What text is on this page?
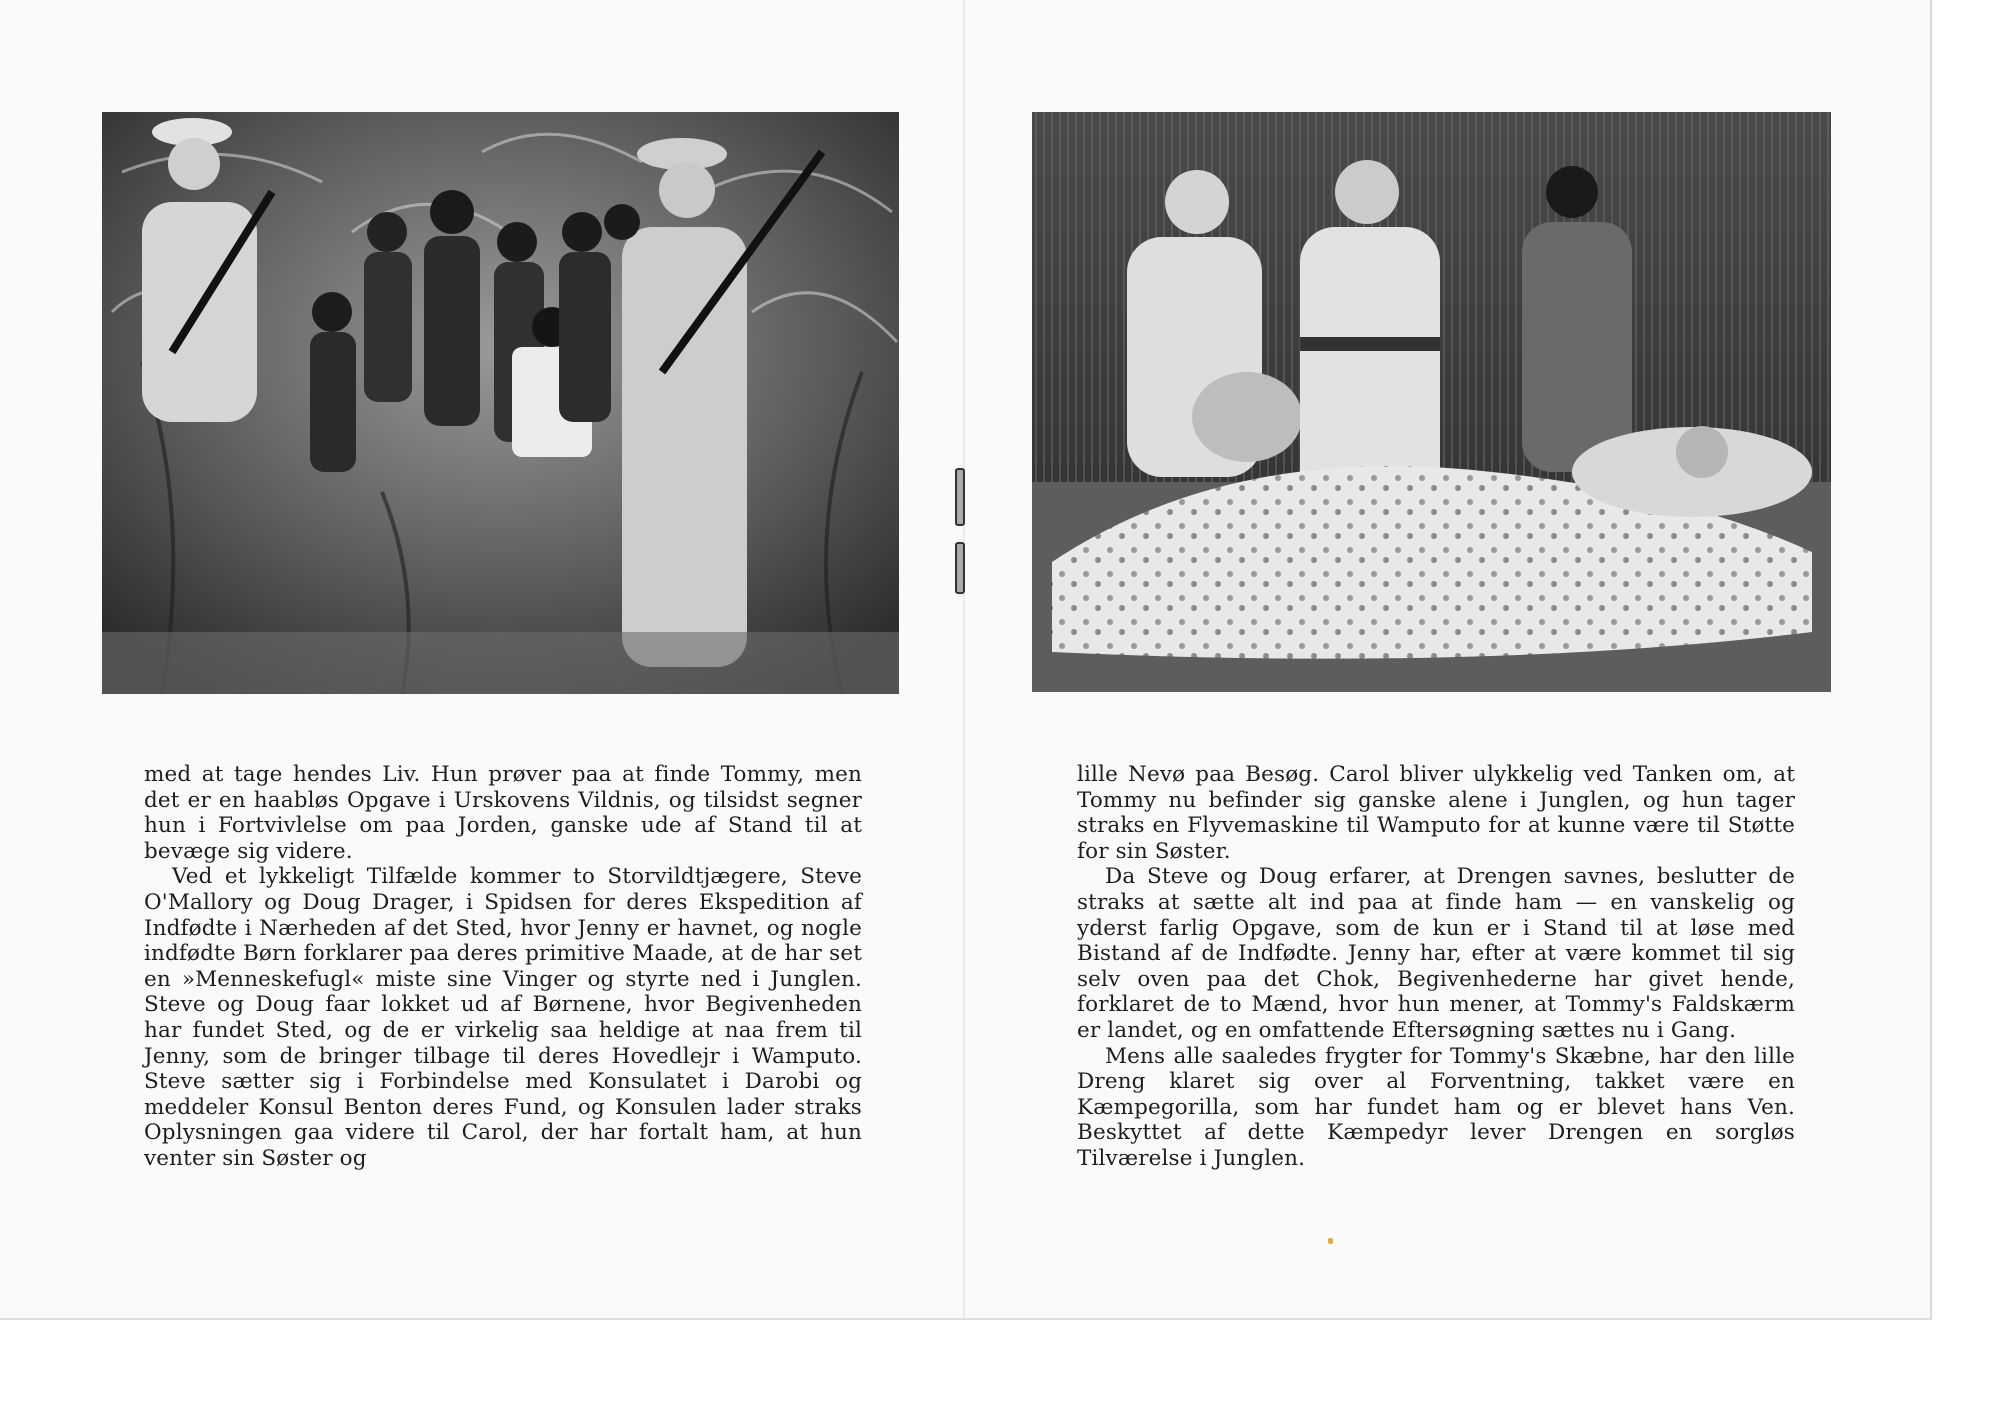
med at tage hendes Liv. Hun prøver paa at finde Tommy, men det er en haabløs Opgave i Urskovens Vildnis, og tilsidst segner hun i Fortvivlelse om paa Jorden, ganske ude af Stand til at bevæge sig videre.

Ved et lykkeligt Tilfælde kommer to Storvildtjægere, Steve O'Mallory og Doug Drager, i Spidsen for deres Ekspedition af Indfødte i Nærheden af det Sted, hvor Jenny er havnet, og nogle indfødte Børn forklarer paa deres primitive Maade, at de har set en »Menneskefugl« miste sine Vinger og styrte ned i Junglen. Steve og Doug faar lokket ud af Børnene, hvor Begivenheden har fundet Sted, og de er virkelig saa heldige at naa frem til Jenny, som de bringer tilbage til deres Hovedlejr i Wamputo. Steve sætter sig i Forbindelse med Konsulatet i Darobi og meddeler Konsul Benton deres Fund, og Konsulen lader straks Oplysningen gaa videre til Carol, der har fortalt ham, at hun venter sin Søster og

lille Nevø paa Besøg. Carol bliver ulykkelig ved Tanken om, at Tommy nu befinder sig ganske alene i Junglen, og hun tager straks en Flyvemaskine til Wamputo for at kunne være til Støtte for sin Søster.

Da Steve og Doug erfarer, at Drengen savnes, beslutter de straks at sætte alt ind paa at finde ham — en vanskelig og yderst farlig Opgave, som de kun er i Stand til at løse med Bistand af de Indfødte. Jenny har, efter at være kommet til sig selv oven paa det Chok, Begivenhederne har givet hende, forklaret de to Mænd, hvor hun mener, at Tommy's Faldskærm er landet, og en omfattende Eftersøgning sættes nu i Gang.

Mens alle saaledes frygter for Tommy's Skæbne, har den lille Dreng klaret sig over al Forventning, takket være en Kæmpegorilla, som har fundet ham og er blevet hans Ven. Beskyttet af dette Kæmpedyr lever Drengen en sorgløs Tilværelse i Junglen.
